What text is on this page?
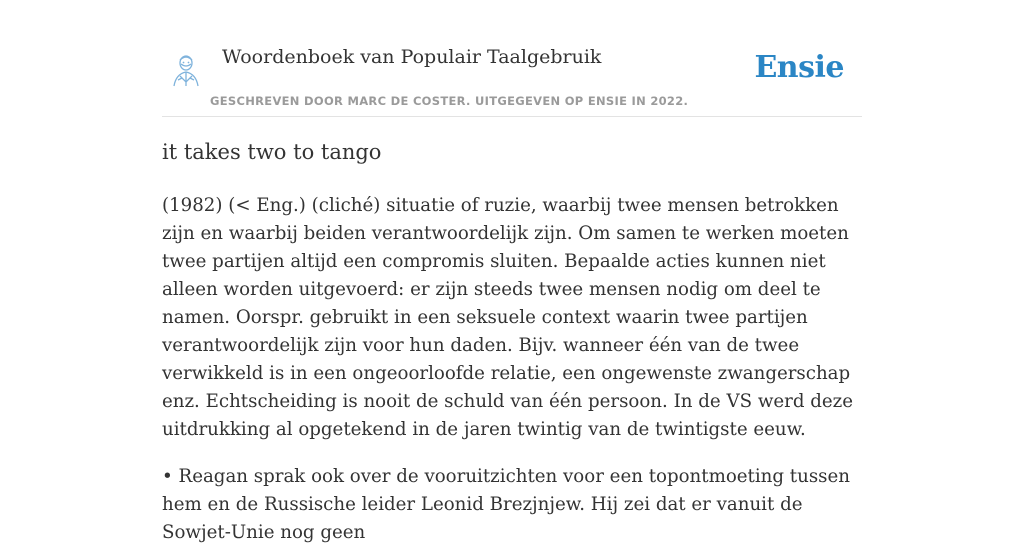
Woordenboek van Populair Taalgebruik
GESCHREVEN DOOR MARC DE COSTER. UITGEGEVEN OP ENSIE IN 2022.
Ensie
it takes two to tango

(1982) (< Eng.) (cliché) situatie of ruzie, waarbij twee mensen betrokken zijn en waarbij beiden verantwoordelijk zijn. Om samen te werken moeten twee partijen altijd een compromis sluiten. Bepaalde acties kunnen niet alleen worden uitgevoerd: er zijn steeds twee mensen nodig om deel te namen. Oorspr. gebruikt in een seksuele context waarin twee partijen verantwoordelijk zijn voor hun daden. Bijv. wanneer één van de twee verwikkeld is in een ongeoorloofde relatie, een ongewenste zwangerschap enz. Echtscheiding is nooit de schuld van één persoon. In de VS werd deze uitdrukking al opgetekend in de jaren twintig van de twintigste eeuw.

• Reagan sprak ook over de vooruitzichten voor een topontmoeting tussen hem en de Russische leider Leonid Brezjnjew. Hij zei dat er vanuit de Sowjet-Unie nog geen
